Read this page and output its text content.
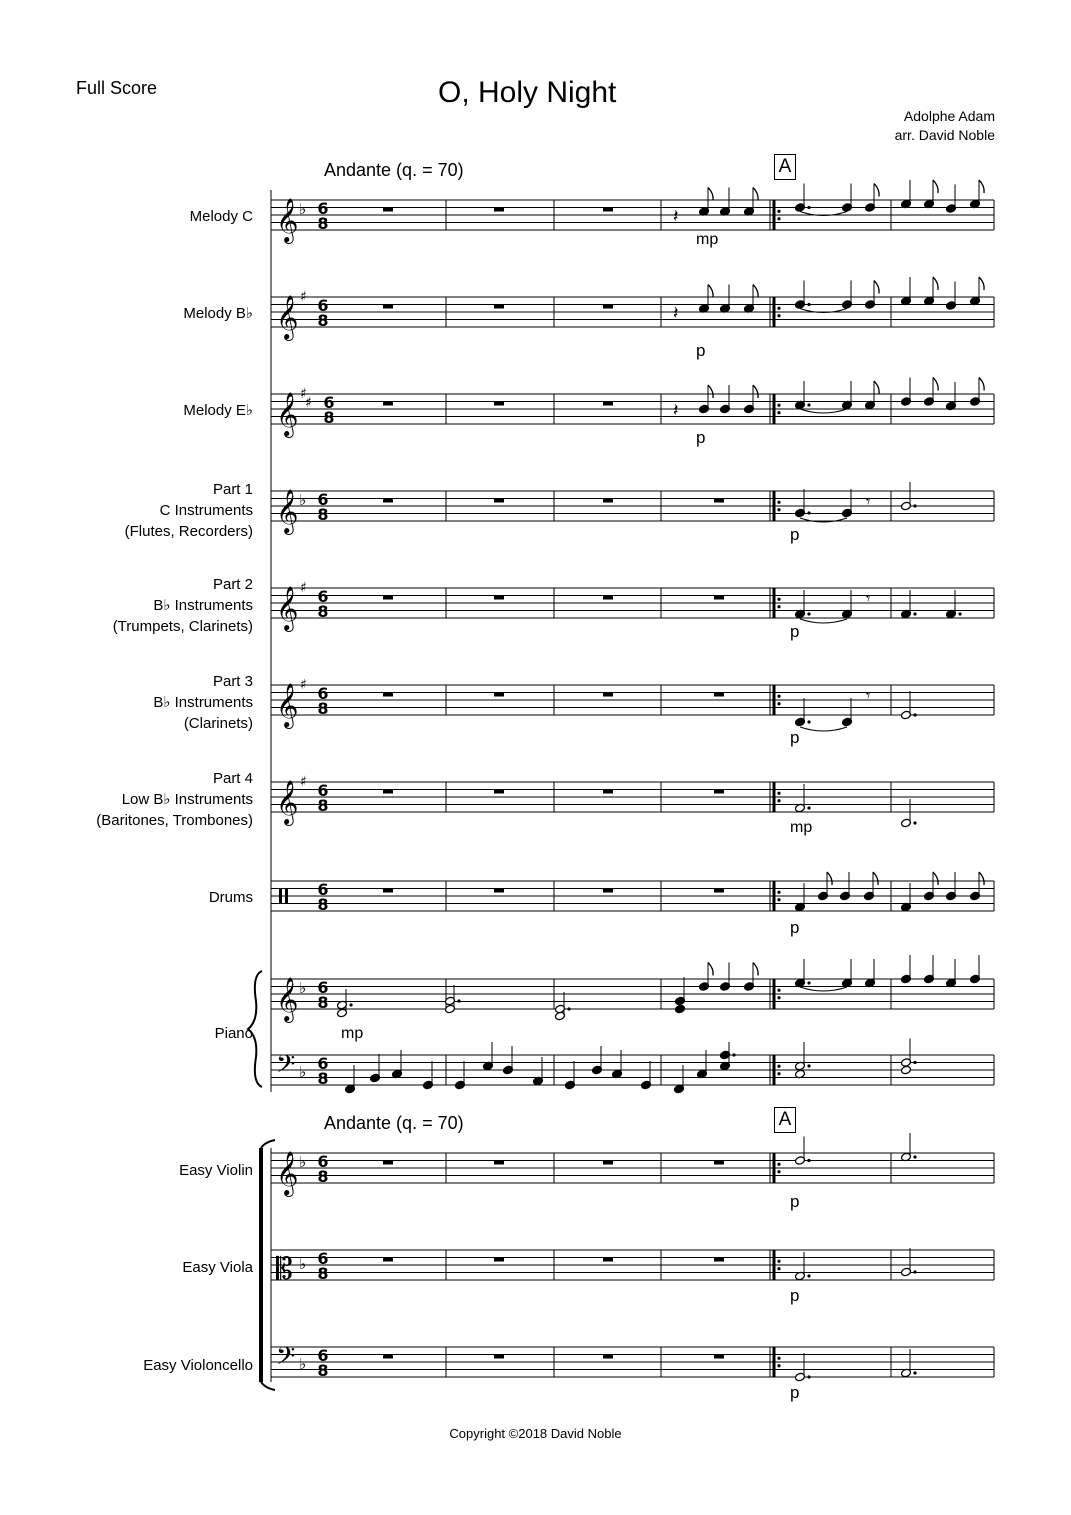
Full Score	O, Holy Night
Adolphe Adam
arr. David Noble
Andante (q. = 70)	A
Andante (q. = 70)	A
Melody C
Melody B♭
Melody E♭
Part 1
C Instruments
(Flutes, Recorders)
Part 2
B♭ Instruments
(Trumpets, Clarinets)
Part 3
B♭ Instruments
(Clarinets)
Part 4
Low B♭ Instruments
(Baritones, Trombones)
Drums
Piano
Easy Violin
Easy Viola
Easy Violoncello
𝄞 ♭ 6
8	𝄽
𝄞 ♯ 6
8	𝄽
𝄞 ♯
♯ 6
8	𝄽
𝄞 ♭ 6
8
𝄾
𝄞 ♯ 6
8
𝄾
𝄞 ♯ 6
8
𝄾
𝄞 ♯ 6
8
6
8
𝄞 ♭ 6
8
𝄢 ♭ 6
8
𝄞 ♭ 6
8
𝄡 ♭ 6
8
𝄢 ♭ 6
8
mp
p
p
p
p
p
mp
p
mp
p
p
p
Copyright ©2018 David Noble
